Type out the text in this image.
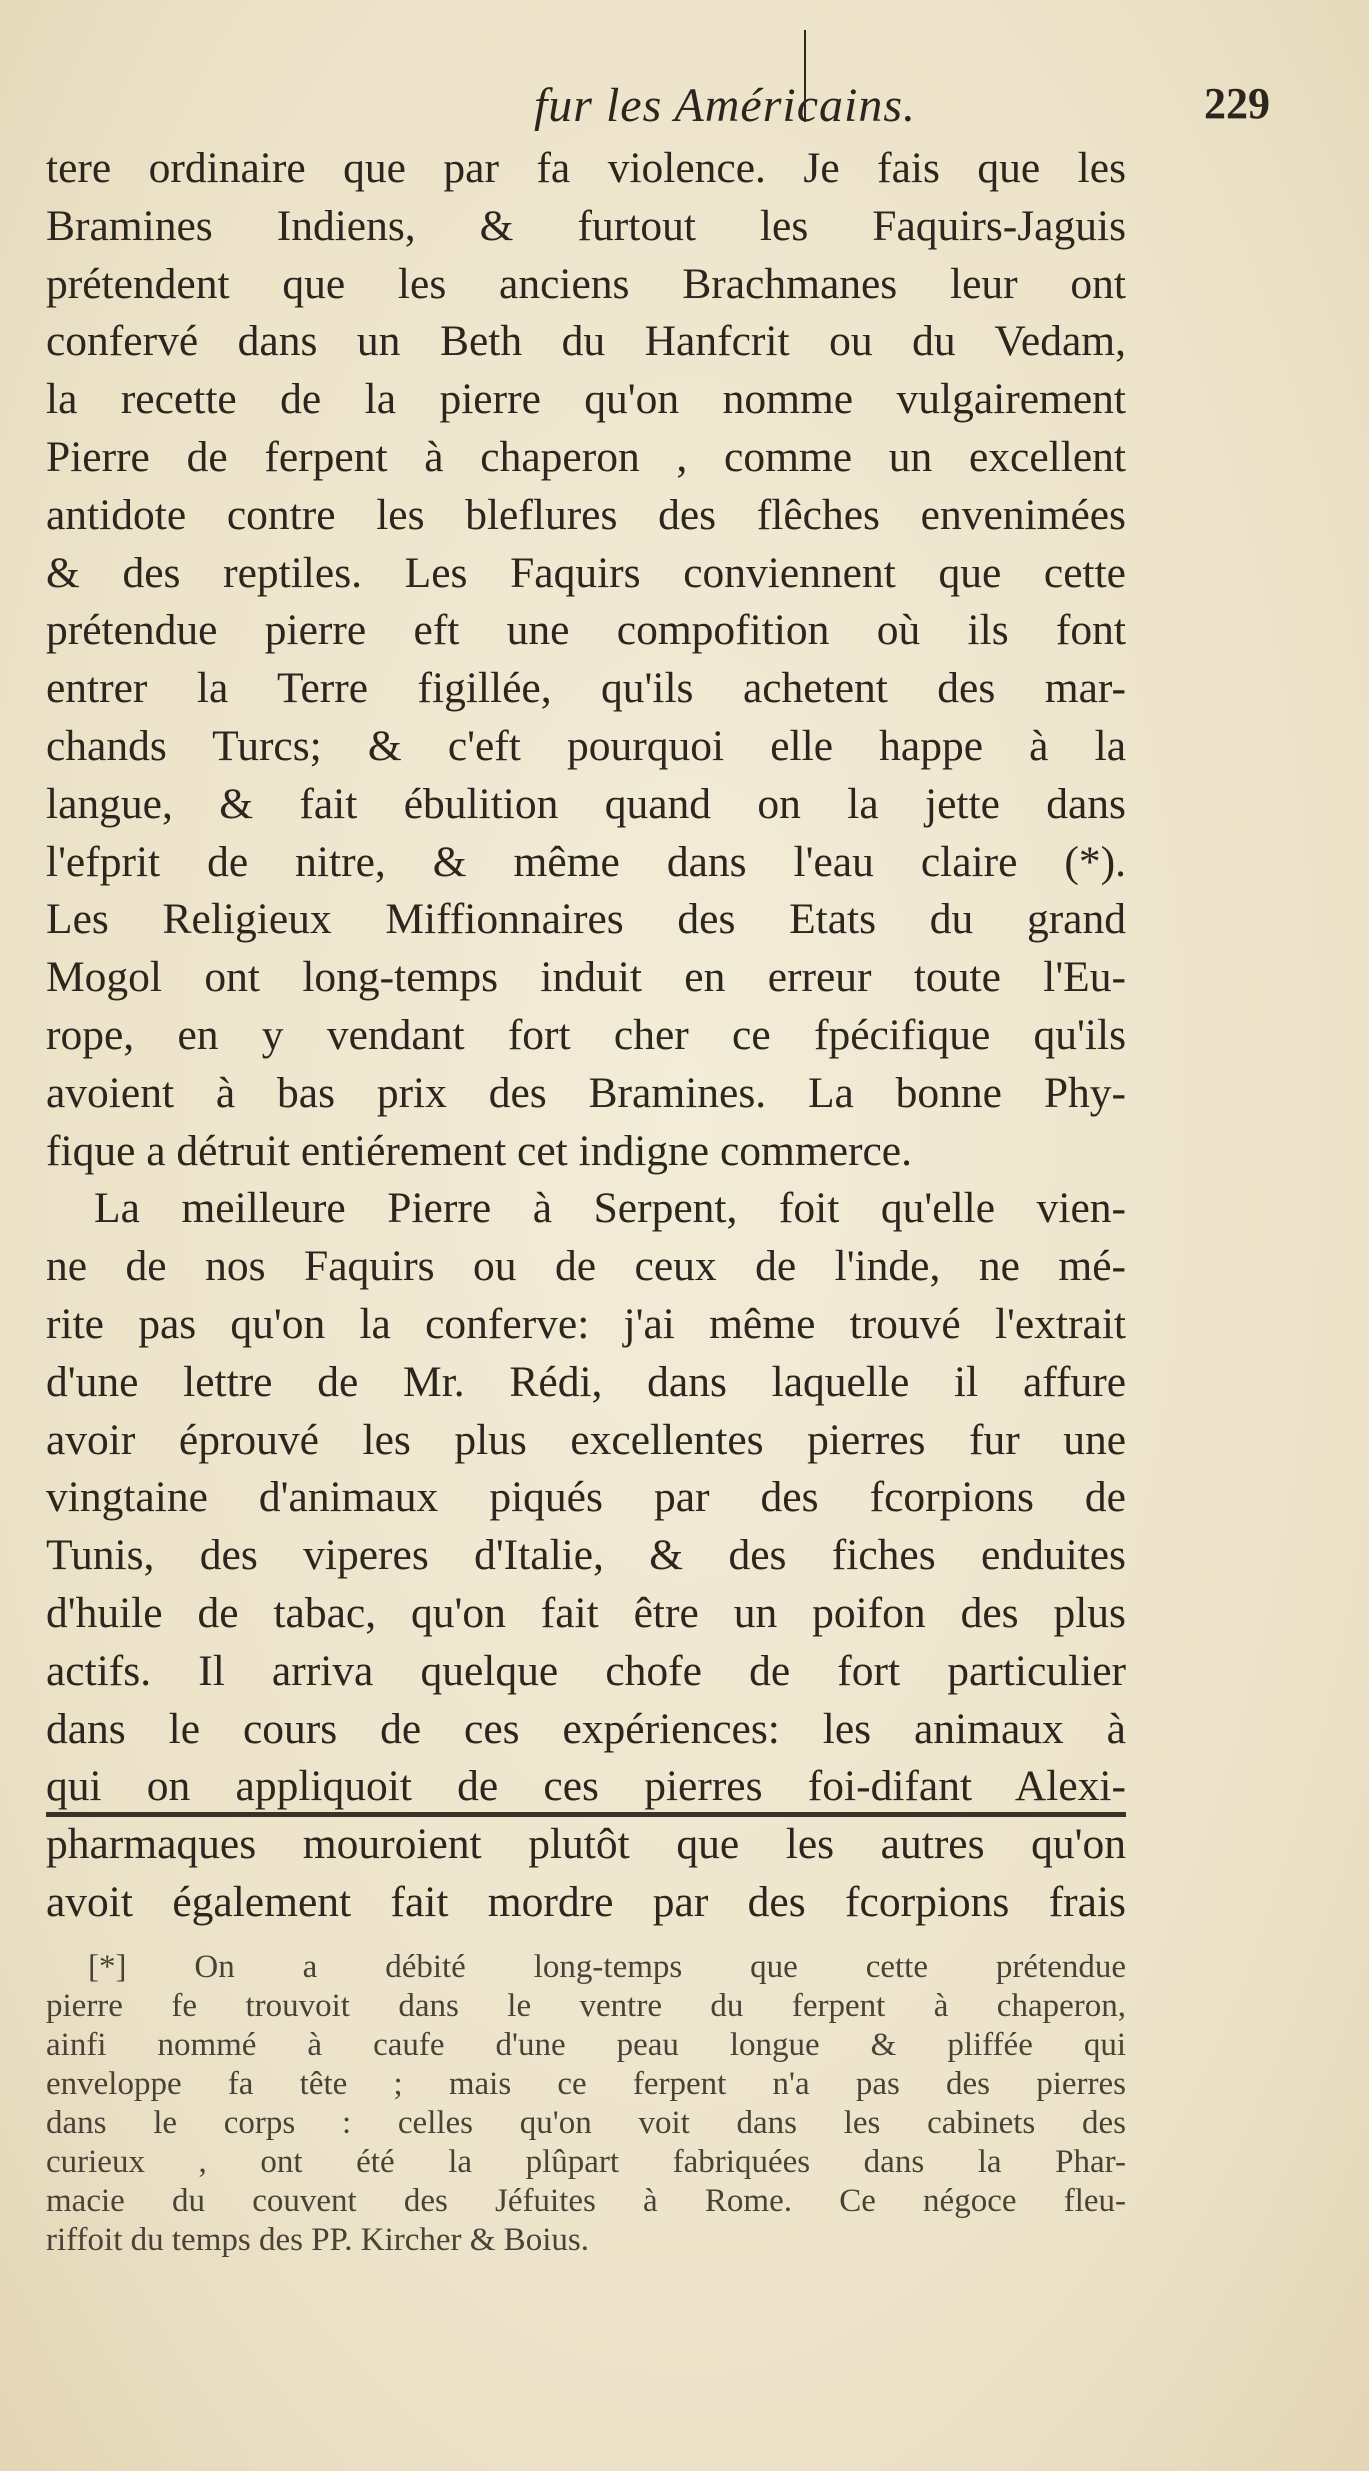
fur les Américains.	229
tere ordinaire que par fa violence. Je fais que les
Bramines Indiens, & furtout les Faquirs-Jaguis
prétendent que les anciens Brachmanes leur ont
confervé dans un Beth du Hanfcrit ou du Vedam,
la recette de la pierre qu'on nomme vulgairement
Pierre de ferpent à chaperon , comme un excellent
antidote contre les bleflures des flêches envenimées
& des reptiles. Les Faquirs conviennent que cette
prétendue pierre eft une compofition où ils font
entrer la Terre figillée, qu'ils achetent des mar-
chands Turcs; & c'eft pourquoi elle happe à la
langue, & fait ébulition quand on la jette dans
l'efprit de nitre, & même dans l'eau claire (*).
Les Religieux Miffionnaires des Etats du grand
Mogol ont long-temps induit en erreur toute l'Eu-
rope, en y vendant fort cher ce fpécifique qu'ils
avoient à bas prix des Bramines. La bonne Phy-
fique a détruit entiérement cet indigne commerce.
La meilleure Pierre à Serpent, foit qu'elle vien-
ne de nos Faquirs ou de ceux de l'inde, ne mé-
rite pas qu'on la conferve: j'ai même trouvé l'extrait
d'une lettre de Mr. Rédi, dans laquelle il affure
avoir éprouvé les plus excellentes pierres fur une
vingtaine d'animaux piqués par des fcorpions de
Tunis, des viperes d'Italie, & des fiches enduites
d'huile de tabac, qu'on fait être un poifon des plus
actifs. Il arriva quelque chofe de fort particulier
dans le cours de ces expériences: les animaux à
qui on appliquoit de ces pierres foi-difant Alexi-
pharmaques mouroient plutôt que les autres qu'on
avoit également fait mordre par des fcorpions frais
[*] On a débité long-temps que cette prétendue
pierre fe trouvoit dans le ventre du ferpent à chaperon,
ainfi nommé à caufe d'une peau longue & pliffée qui
enveloppe fa tête ; mais ce ferpent n'a pas des pierres
dans le corps : celles qu'on voit dans les cabinets des
curieux , ont été la plûpart fabriquées dans la Phar-
macie du couvent des Jéfuites à Rome. Ce négoce fleu-
riffoit du temps des PP. Kircher & Boius.
